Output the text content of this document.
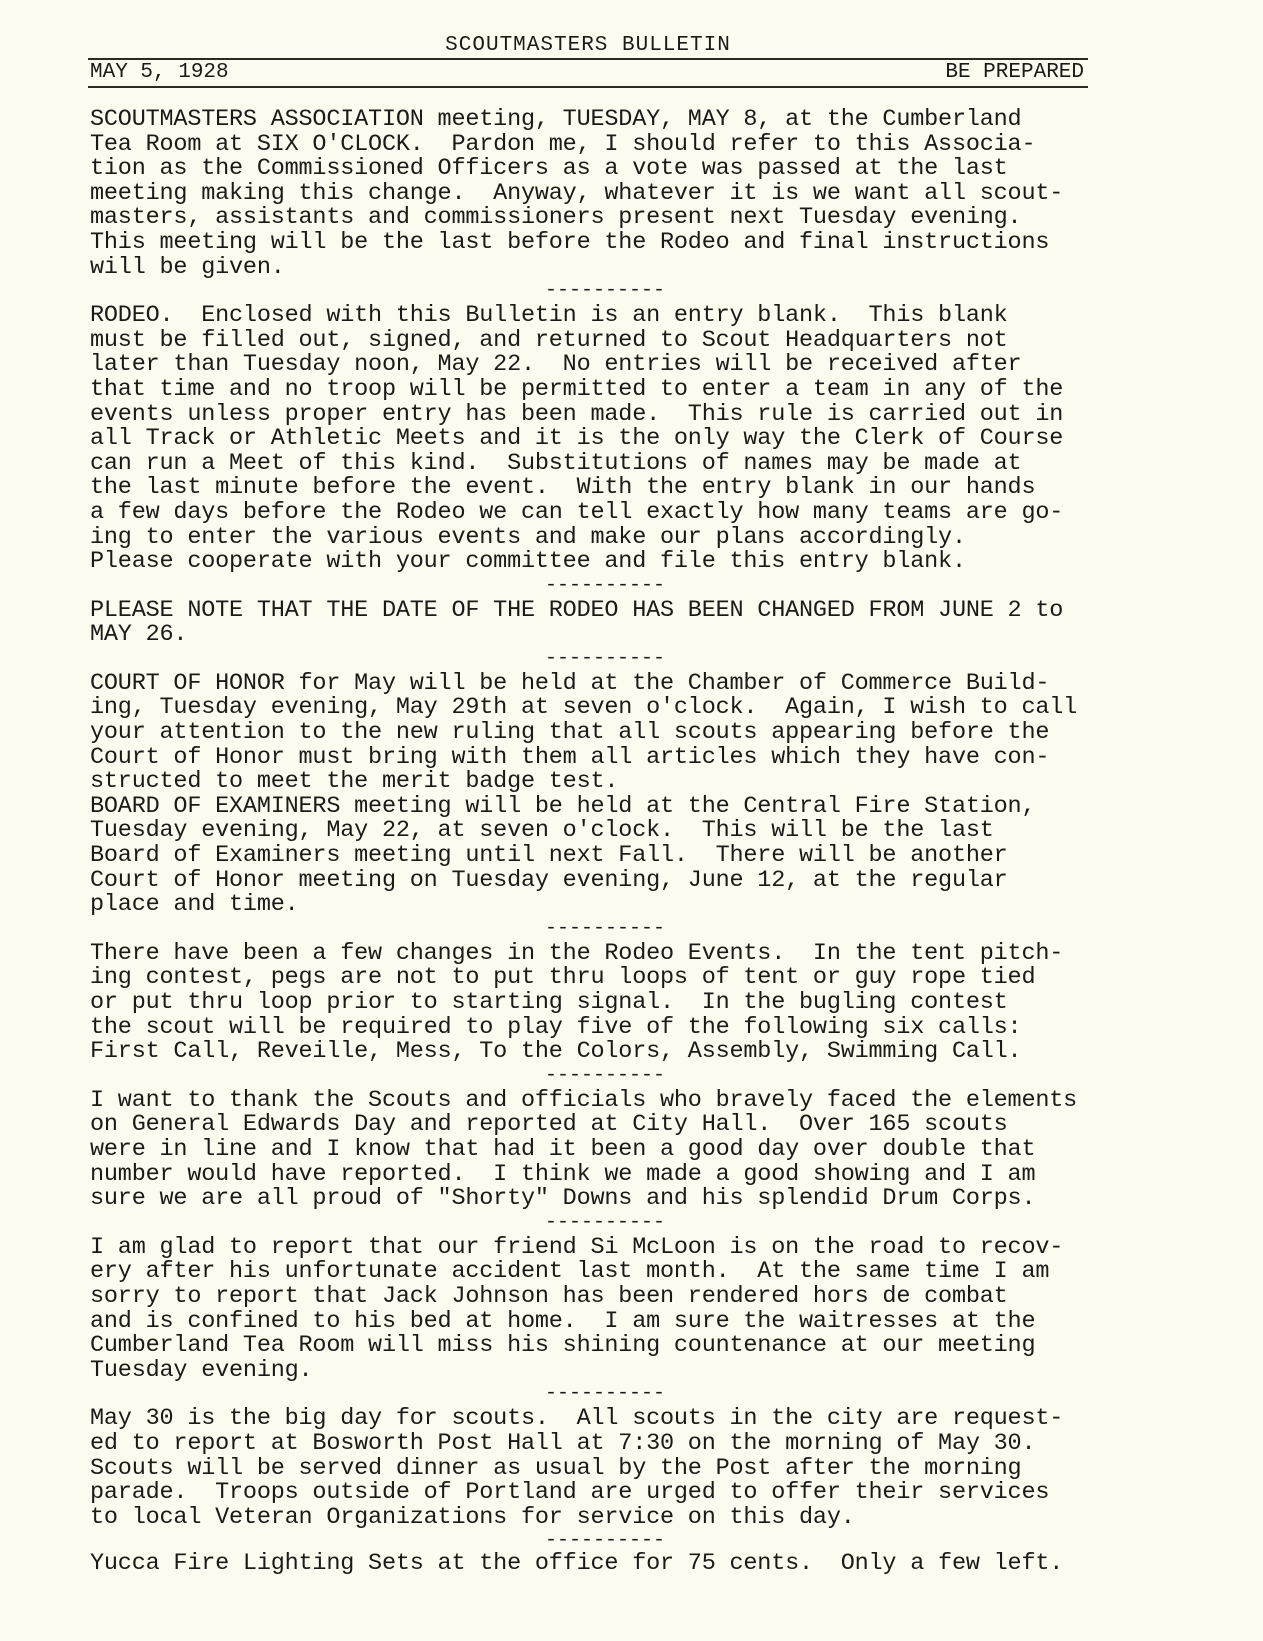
SCOUTMASTERS BULLETIN
MAY 5, 1928	BE PREPARED
SCOUTMASTERS ASSOCIATION meeting, TUESDAY, MAY 8, at the Cumberland
Tea Room at SIX O'CLOCK.  Pardon me, I should refer to this Associa-
tion as the Commissioned Officers as a vote was passed at the last
meeting making this change.  Anyway, whatever it is we want all scout-
masters, assistants and commissioners present next Tuesday evening.
This meeting will be the last before the Rodeo and final instructions
will be given.
----------
RODEO.  Enclosed with this Bulletin is an entry blank.  This blank
must be filled out, signed, and returned to Scout Headquarters not
later than Tuesday noon, May 22.  No entries will be received after
that time and no troop will be permitted to enter a team in any of the
events unless proper entry has been made.  This rule is carried out in
all Track or Athletic Meets and it is the only way the Clerk of Course
can run a Meet of this kind.  Substitutions of names may be made at
the last minute before the event.  With the entry blank in our hands
a few days before the Rodeo we can tell exactly how many teams are go-
ing to enter the various events and make our plans accordingly.
Please cooperate with your committee and file this entry blank.
----------
PLEASE NOTE THAT THE DATE OF THE RODEO HAS BEEN CHANGED FROM JUNE 2 to
MAY 26.
----------
COURT OF HONOR for May will be held at the Chamber of Commerce Build-
ing, Tuesday evening, May 29th at seven o'clock.  Again, I wish to call
your attention to the new ruling that all scouts appearing before the
Court of Honor must bring with them all articles which they have con-
structed to meet the merit badge test.
BOARD OF EXAMINERS meeting will be held at the Central Fire Station,
Tuesday evening, May 22, at seven o'clock.  This will be the last
Board of Examiners meeting until next Fall.  There will be another
Court of Honor meeting on Tuesday evening, June 12, at the regular
place and time.
----------
There have been a few changes in the Rodeo Events.  In the tent pitch-
ing contest, pegs are not to put thru loops of tent or guy rope tied
or put thru loop prior to starting signal.  In the bugling contest
the scout will be required to play five of the following six calls:
First Call, Reveille, Mess, To the Colors, Assembly, Swimming Call.
----------
I want to thank the Scouts and officials who bravely faced the elements
on General Edwards Day and reported at City Hall.  Over 165 scouts
were in line and I know that had it been a good day over double that
number would have reported.  I think we made a good showing and I am
sure we are all proud of "Shorty" Downs and his splendid Drum Corps.
----------
I am glad to report that our friend Si McLoon is on the road to recov-
ery after his unfortunate accident last month.  At the same time I am
sorry to report that Jack Johnson has been rendered hors de combat
and is confined to his bed at home.  I am sure the waitresses at the
Cumberland Tea Room will miss his shining countenance at our meeting
Tuesday evening.
----------
May 30 is the big day for scouts.  All scouts in the city are request-
ed to report at Bosworth Post Hall at 7:30 on the morning of May 30.
Scouts will be served dinner as usual by the Post after the morning
parade.  Troops outside of Portland are urged to offer their services
to local Veteran Organizations for service on this day.
----------
Yucca Fire Lighting Sets at the office for 75 cents.  Only a few left.
